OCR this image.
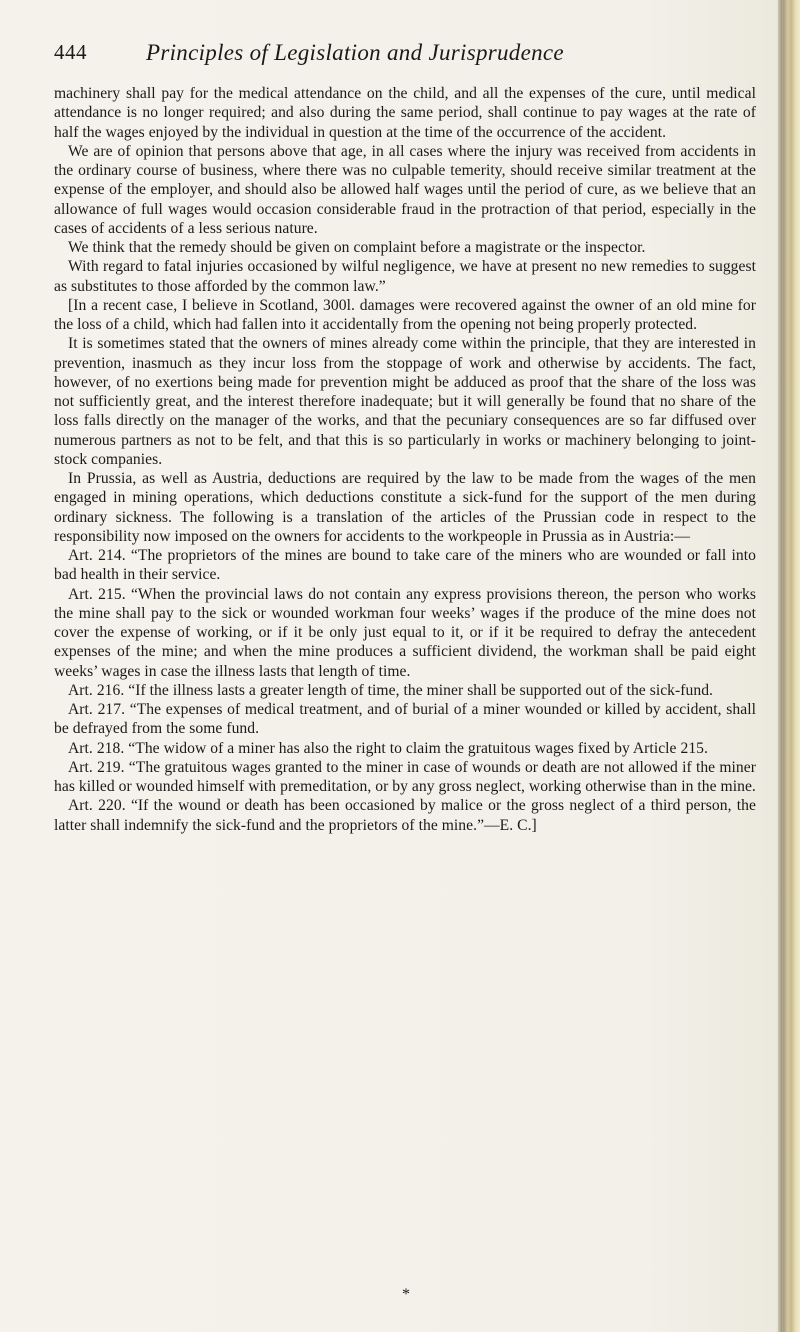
444	Principles of Legislation and Jurisprudence

machinery shall pay for the medical attendance on the child, and all the expenses of the cure, until medical attendance is no longer required; and also during the same period, shall continue to pay wages at the rate of half the wages enjoyed by the individual in question at the time of the occurrence of the accident.

We are of opinion that persons above that age, in all cases where the injury was received from accidents in the ordinary course of business, where there was no culpable temerity, should receive similar treatment at the expense of the employer, and should also be allowed half wages until the period of cure, as we believe that an allowance of full wages would occasion considerable fraud in the protraction of that period, especially in the cases of accidents of a less serious nature.

We think that the remedy should be given on complaint before a magistrate or the inspector.

With regard to fatal injuries occasioned by wilful negligence, we have at present no new remedies to suggest as substitutes to those afforded by the common law.”

[In a recent case, I believe in Scotland, 300l. damages were recovered against the owner of an old mine for the loss of a child, which had fallen into it accidentally from the opening not being properly protected.

It is sometimes stated that the owners of mines already come within the principle, that they are interested in prevention, inasmuch as they incur loss from the stoppage of work and otherwise by accidents. The fact, however, of no exertions being made for prevention might be adduced as proof that the share of the loss was not sufficiently great, and the interest therefore inadequate; but it will generally be found that no share of the loss falls directly on the manager of the works, and that the pecuniary consequences are so far diffused over numerous partners as not to be felt, and that this is so particularly in works or machinery belonging to joint-stock companies.

In Prussia, as well as Austria, deductions are required by the law to be made from the wages of the men engaged in mining operations, which deductions constitute a sick-fund for the support of the men during ordinary sickness. The following is a translation of the articles of the Prussian code in respect to the responsibility now imposed on the owners for accidents to the workpeople in Prussia as in Austria:—

Art. 214. “The proprietors of the mines are bound to take care of the miners who are wounded or fall into bad health in their service.

Art. 215. “When the provincial laws do not contain any express provisions thereon, the person who works the mine shall pay to the sick or wounded workman four weeks’ wages if the produce of the mine does not cover the expense of working, or if it be only just equal to it, or if it be required to defray the antecedent expenses of the mine; and when the mine produces a sufficient dividend, the workman shall be paid eight weeks’ wages in case the illness lasts that length of time.

Art. 216. “If the illness lasts a greater length of time, the miner shall be supported out of the sick-fund.

Art. 217. “The expenses of medical treatment, and of burial of a miner wounded or killed by accident, shall be defrayed from the some fund.

Art. 218. “The widow of a miner has also the right to claim the gratuitous wages fixed by Article 215.

Art. 219. “The gratuitous wages granted to the miner in case of wounds or death are not allowed if the miner has killed or wounded himself with premeditation, or by any gross neglect, working otherwise than in the mine.

Art. 220. “If the wound or death has been occasioned by malice or the gross neglect of a third person, the latter shall indemnify the sick-fund and the proprietors of the mine.”—E. C.]

*
